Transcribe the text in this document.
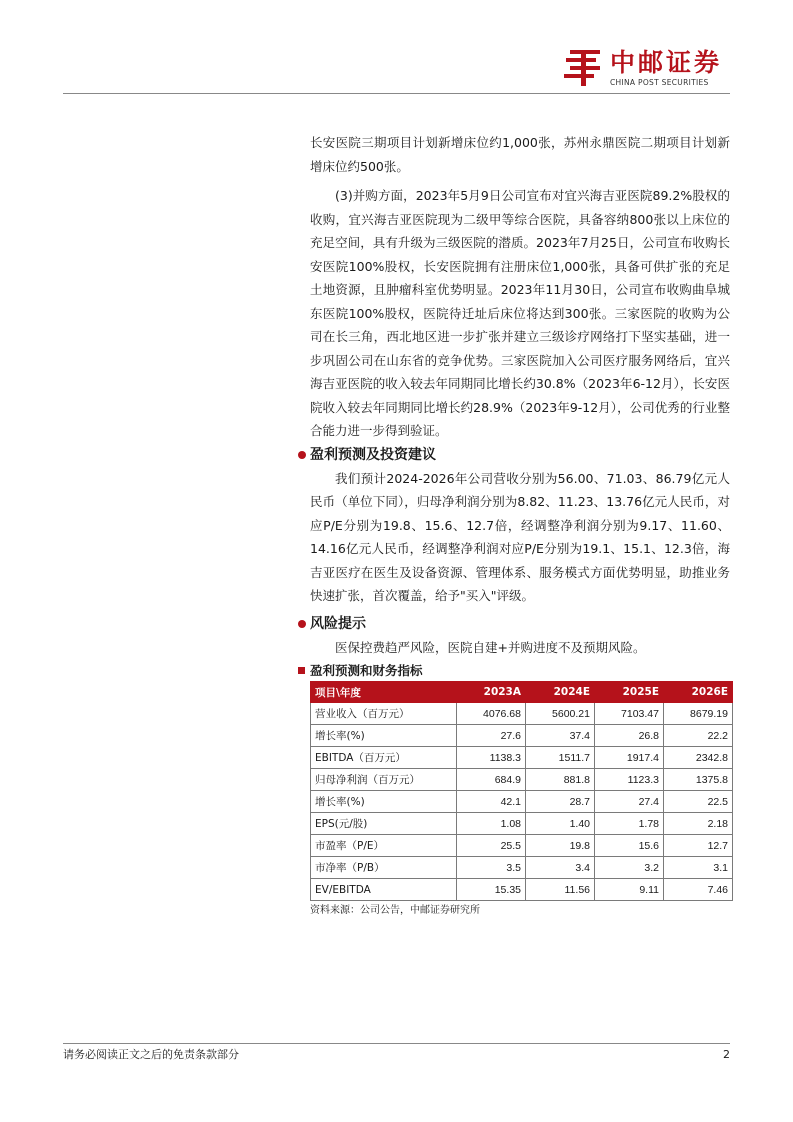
中邮证券
CHINA POST SECURITIES

长安医院三期项目计划新增床位约1,000张，苏州永鼎医院二期项目计划新增床位约500张。

(3)并购方面，2023年5月9日公司宣布对宜兴海吉亚医院89.2%股权的收购，宜兴海吉亚医院现为二级甲等综合医院，具备容纳800张以上床位的充足空间，具有升级为三级医院的潜质。2023年7月25日，公司宣布收购长安医院100%股权，长安医院拥有注册床位1,000张，具备可供扩张的充足土地资源，且肿瘤科室优势明显。2023年11月30日，公司宣布收购曲阜城东医院100%股权，医院待迁址后床位将达到300张。三家医院的收购为公司在长三角，西北地区进一步扩张并建立三级诊疗网络打下坚实基础，进一步巩固公司在山东省的竞争优势。三家医院加入公司医疗服务网络后，宜兴海吉亚医院的收入较去年同期同比增长约30.8%（2023年6-12月），长安医院收入较去年同期同比增长约28.9%（2023年9-12月），公司优秀的行业整合能力进一步得到验证。

盈利预测及投资建议

我们预计2024-2026年公司营收分别为56.00、71.03、86.79亿元人民币（单位下同），归母净利润分别为8.82、11.23、13.76亿元人民币，对应P/E分别为19.8、15.6、12.7倍，经调整净利润分别为9.17、11.60、14.16亿元人民币，经调整净利润对应P/E分别为19.1、15.1、12.3倍，海吉亚医疗在医生及设备资源、管理体系、服务模式方面优势明显，助推业务快速扩张，首次覆盖，给予"买入"评级。

风险提示

医保控费趋严风险，医院自建+并购进度不及预期风险。

盈利预测和财务指标
项目\年度	2023A	2024E	2025E	2026E
营业收入（百万元）	4076.68	5600.21	7103.47	8679.19
增长率(%)	27.6	37.4	26.8	22.2
EBITDA（百万元）	1138.3	1511.7	1917.4	2342.8
归母净利润（百万元）	684.9	881.8	1123.3	1375.8
增长率(%)	42.1	28.7	27.4	22.5
EPS(元/股)	1.08	1.40	1.78	2.18
市盈率（P/E）	25.5	19.8	15.6	12.7
市净率（P/B）	3.5	3.4	3.2	3.1
EV/EBITDA	15.35	11.56	9.11	7.46

资料来源：公司公告，中邮证券研究所

请务必阅读正文之后的免责条款部分	2
